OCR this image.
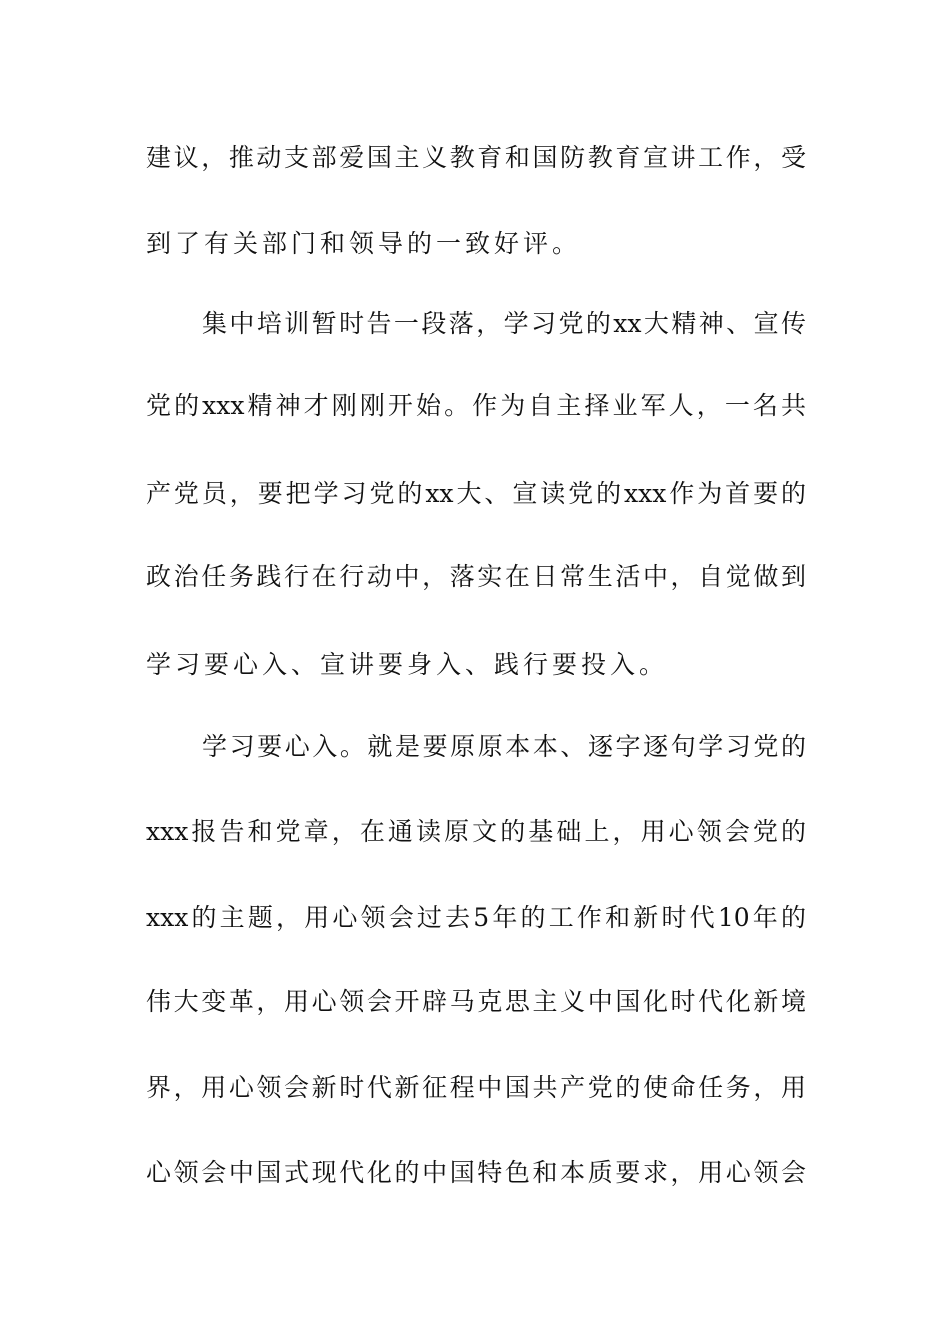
建议，推动支部爱国主义教育和国防教育宣讲工作，受
到了有关部门和领导的一致好评。
集中培训暂时告一段落，学习党的xx大精神、宣传
党的xxx精神才刚刚开始。作为自主择业军人，一名共
产党员，要把学习党的xx大、宣读党的xxx作为首要的
政治任务践行在行动中，落实在日常生活中，自觉做到
学习要心入、宣讲要身入、践行要投入。
学习要心入。就是要原原本本、逐字逐句学习党的
xxx报告和党章，在通读原文的基础上，用心领会党的
xxx的主题，用心领会过去5年的工作和新时代10年的
伟大变革，用心领会开辟马克思主义中国化时代化新境
界，用心领会新时代新征程中国共产党的使命任务，用
心领会中国式现代化的中国特色和本质要求，用心领会
